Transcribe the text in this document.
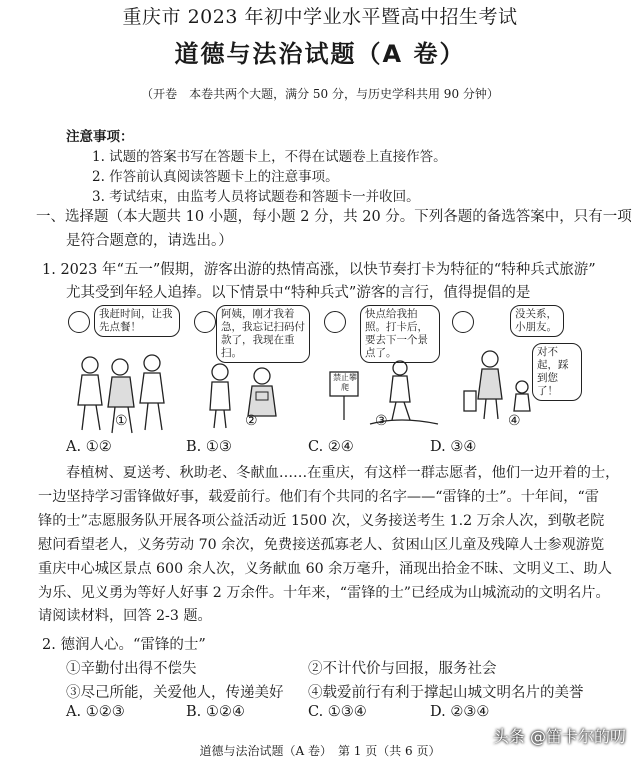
重庆市 2023 年初中学业水平暨高中招生考试
道德与法治试题（A 卷）
（开卷　本卷共两个大题，满分 50 分，与历史学科共用 90 分钟）
注意事项：
1. 试题的答案书写在答题卡上，不得在试题卷上直接作答。
2. 作答前认真阅读答题卡上的注意事项。
3. 考试结束，由监考人员将试题卷和答题卡一并收回。
一、选择题（本大题共 10 小题，每小题 2 分，共 20 分。下列各题的备选答案中，只有一项
是符合题意的，请选出。）
1. 2023 年“五一”假期，游客出游的热情高涨，以快节奏打卡为特征的“特种兵式旅游”
尤其受到年轻人追捧。以下情景中“特种兵式”游客的言行，值得提倡的是
我赶时间，让我先点餐！
①
阿姨，刚才我着急，我忘记扫码付款了，我现在重扫。
②
快点给我拍照。打卡后，要去下一个景点了。
禁止攀爬
③
没关系，小朋友。
对不起，踩到您了！
④
A. ①②	B. ①③	C. ②④	D. ③④
春植树、夏送考、秋助老、冬献血……在重庆，有这样一群志愿者，他们一边开着的士，
一边坚持学习雷锋做好事，载爱前行。他们有个共同的名字——“雷锋的士”。十年间，“雷
锋的士”志愿服务队开展各项公益活动近 1500 次，义务接送考生 1.2 万余人次，到敬老院
慰问看望老人，义务劳动 70 余次，免费接送孤寡老人、贫困山区儿童及残障人士参观游览
重庆中心城区景点 600 余人次，义务献血 60 余万毫升，涌现出拾金不昧、文明义工、助人
为乐、见义勇为等好人好事 2 万余件。十年来，“雷锋的士”已经成为山城流动的文明名片。
请阅读材料，回答 2-3 题。
2. 德润人心。“雷锋的士”
①辛勤付出得不偿失	②不计代价与回报，服务社会
③尽己所能，关爱他人，传递美好 ④载爱前行有利于撑起山城文明名片的美誉
A. ①②③	B. ①②④	C. ①③④	D. ②③④
道德与法治试题（A 卷）　第 1 页（共 6 页）
头条 @笛卡尔的叨
